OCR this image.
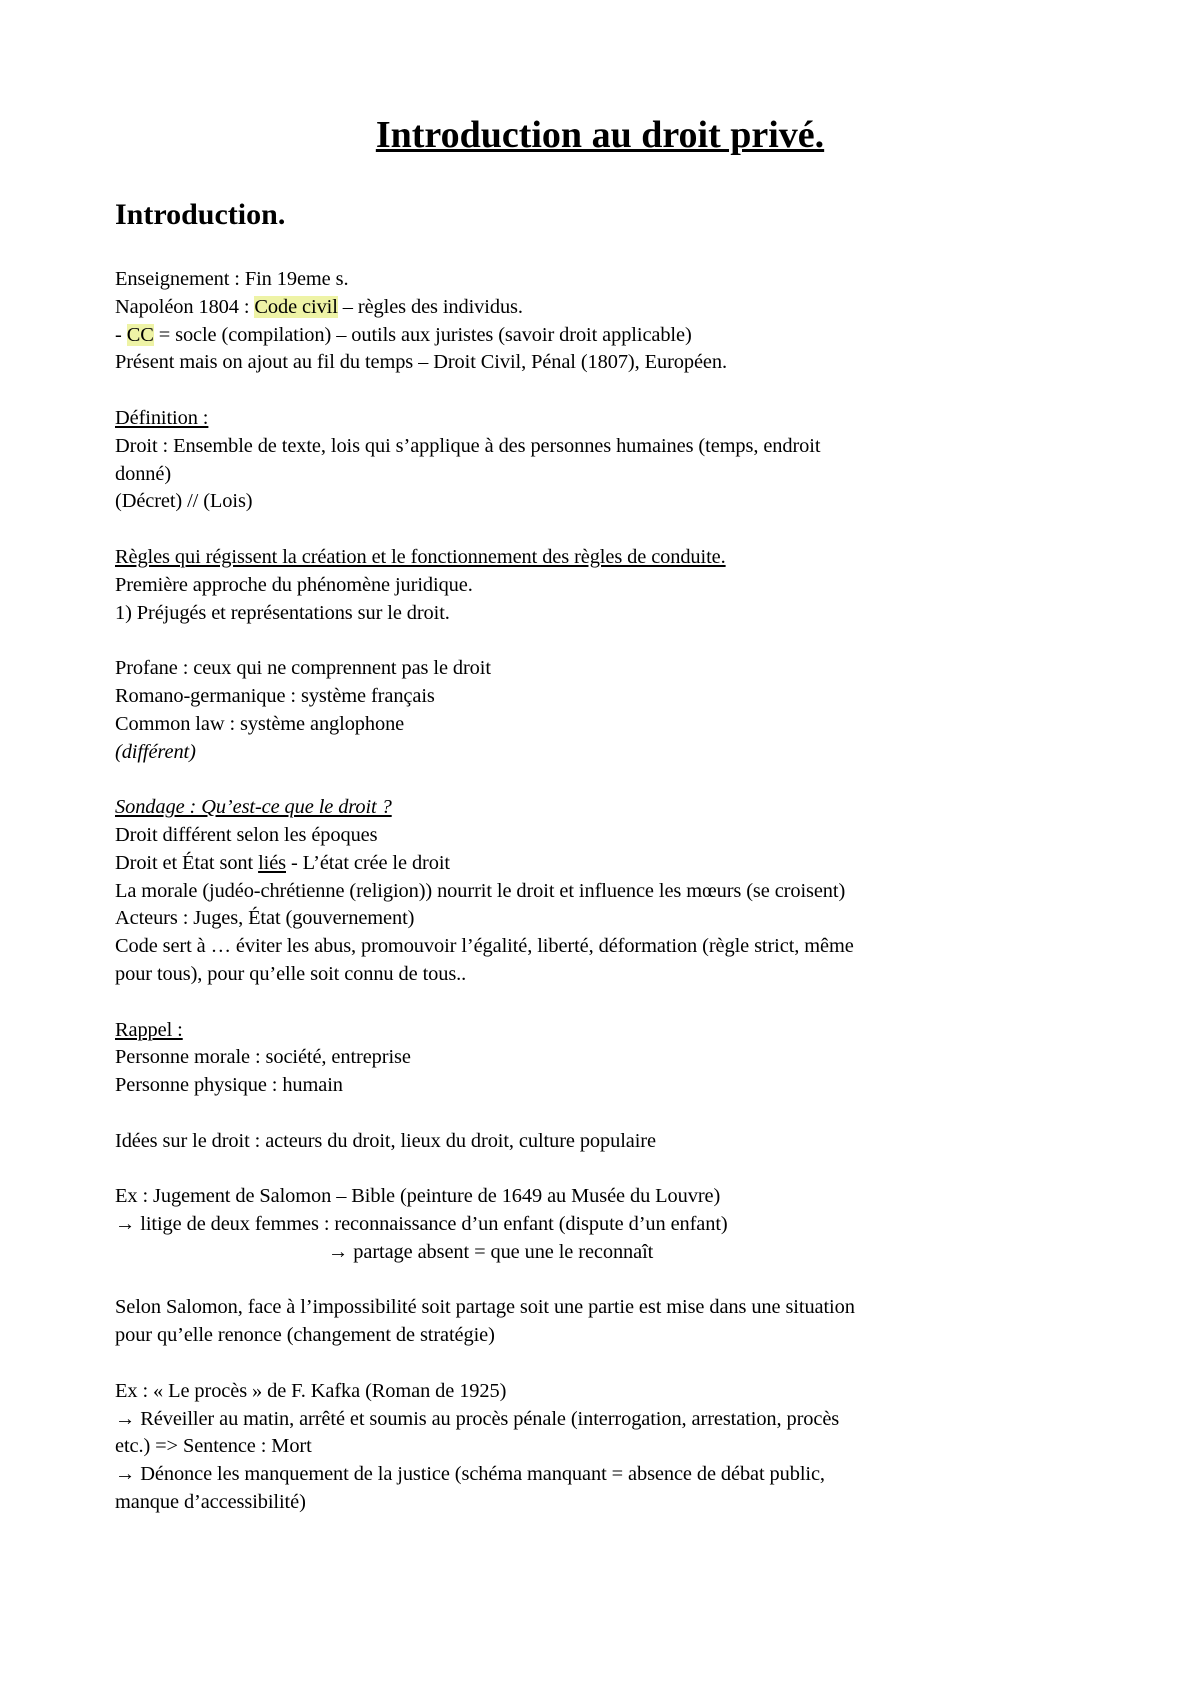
Introduction au droit privé.
Introduction.
Enseignement : Fin 19eme s.
Napoléon 1804 : Code civil – règles des individus.
- CC = socle (compilation) – outils aux juristes (savoir droit applicable)
Présent mais on ajout au fil du temps – Droit Civil, Pénal (1807), Européen.
Définition :
Droit : Ensemble de texte, lois qui s’applique à des personnes humaines (temps, endroit
donné)
(Décret) // (Lois)
Règles qui régissent la création et le fonctionnement des règles de conduite.
Première approche du phénomène juridique.
1) Préjugés et représentations sur le droit.
Profane : ceux qui ne comprennent pas le droit
Romano-germanique : système français
Common law : système anglophone
(différent)
Sondage : Qu’est-ce que le droit ?
Droit différent selon les époques
Droit et État sont liés - L’état crée le droit
La morale (judéo-chrétienne (religion)) nourrit le droit et influence les mœurs (se croisent)
Acteurs : Juges, État (gouvernement)
Code sert à … éviter les abus, promouvoir l’égalité, liberté, déformation (règle strict, même
pour tous), pour qu’elle soit connu de tous..
Rappel :
Personne morale : société, entreprise
Personne physique : humain
Idées sur le droit : acteurs du droit, lieux du droit, culture populaire
Ex : Jugement de Salomon – Bible (peinture de 1649 au Musée du Louvre)
→ litige de deux femmes : reconnaissance d’un enfant (dispute d’un enfant)
→ partage absent = que une le reconnaît
Selon Salomon, face à l’impossibilité soit partage soit une partie est mise dans une situation
pour qu’elle renonce (changement de stratégie)
Ex : « Le procès » de F. Kafka (Roman de 1925)
→ Réveiller au matin, arrêté et soumis au procès pénale (interrogation, arrestation, procès
etc.) => Sentence : Mort
→ Dénonce les manquement de la justice (schéma manquant = absence de débat public,
manque d’accessibilité)
